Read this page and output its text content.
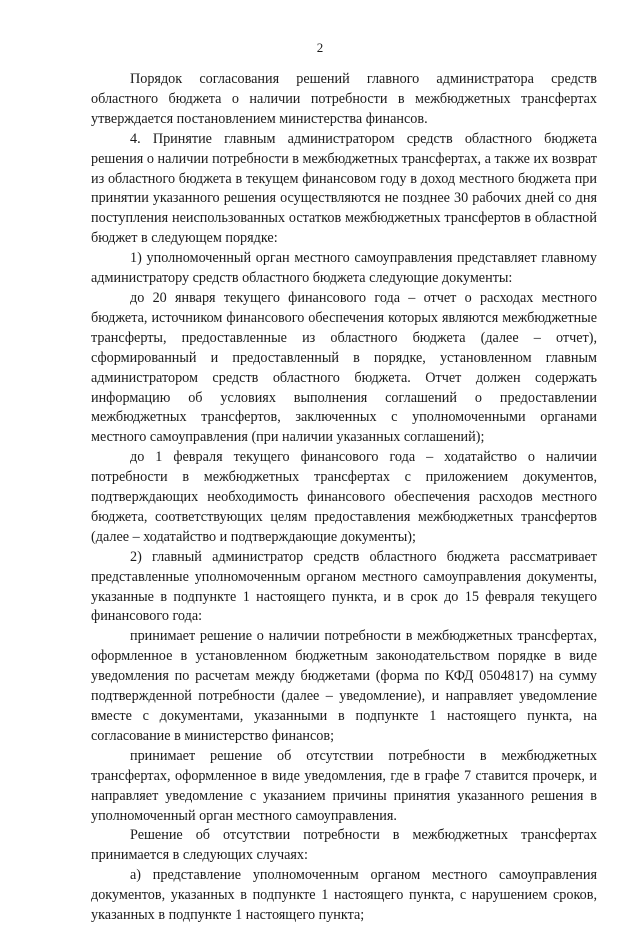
2

Порядок согласования решений главного администратора средств областного бюджета о наличии потребности в межбюджетных трансфертах утверждается постановлением министерства финансов.

4. Принятие главным администратором средств областного бюджета решения о наличии потребности в межбюджетных трансфертах, а также их возврат из областного бюджета в текущем финансовом году в доход местного бюджета при принятии указанного решения осуществляются не позднее 30 рабочих дней со дня поступления неиспользованных остатков межбюджетных трансфертов в областной бюджет в следующем порядке:

1) уполномоченный орган местного самоуправления представляет главному администратору средств областного бюджета следующие документы:

до 20 января текущего финансового года – отчет о расходах местного бюджета, источником финансового обеспечения которых являются межбюджетные трансферты, предоставленные из областного бюджета (далее – отчет), сформированный и предоставленный в порядке, установленном главным администратором средств областного бюджета. Отчет должен содержать информацию об условиях выполнения соглашений о предоставлении межбюджетных трансфертов, заключенных с уполномоченными органами местного самоуправления (при наличии указанных соглашений);

до 1 февраля текущего финансового года – ходатайство о наличии потребности в межбюджетных трансфертах с приложением документов, подтверждающих необходимость финансового обеспечения расходов местного бюджета, соответствующих целям предоставления межбюджетных трансфертов (далее – ходатайство и подтверждающие документы);

2) главный администратор средств областного бюджета рассматривает представленные уполномоченным органом местного самоуправления документы, указанные в подпункте 1 настоящего пункта, и в срок до 15 февраля текущего финансового года:

принимает решение о наличии потребности в межбюджетных трансфертах, оформленное в установленном бюджетным законодательством порядке в виде уведомления по расчетам между бюджетами (форма по КФД 0504817) на сумму подтвержденной потребности (далее – уведомление), и направляет уведомление вместе с документами, указанными в подпункте 1 настоящего пункта, на согласование в министерство финансов;

принимает решение об отсутствии потребности в межбюджетных трансфертах, оформленное в виде уведомления, где в графе 7 ставится прочерк, и направляет уведомление с указанием причины принятия указанного решения в уполномоченный орган местного самоуправления.

Решение об отсутствии потребности в межбюджетных трансфертах принимается в следующих случаях:

а) представление уполномоченным органом местного самоуправления документов, указанных в подпункте 1 настоящего пункта, с нарушением сроков, указанных в подпункте 1 настоящего пункта;
